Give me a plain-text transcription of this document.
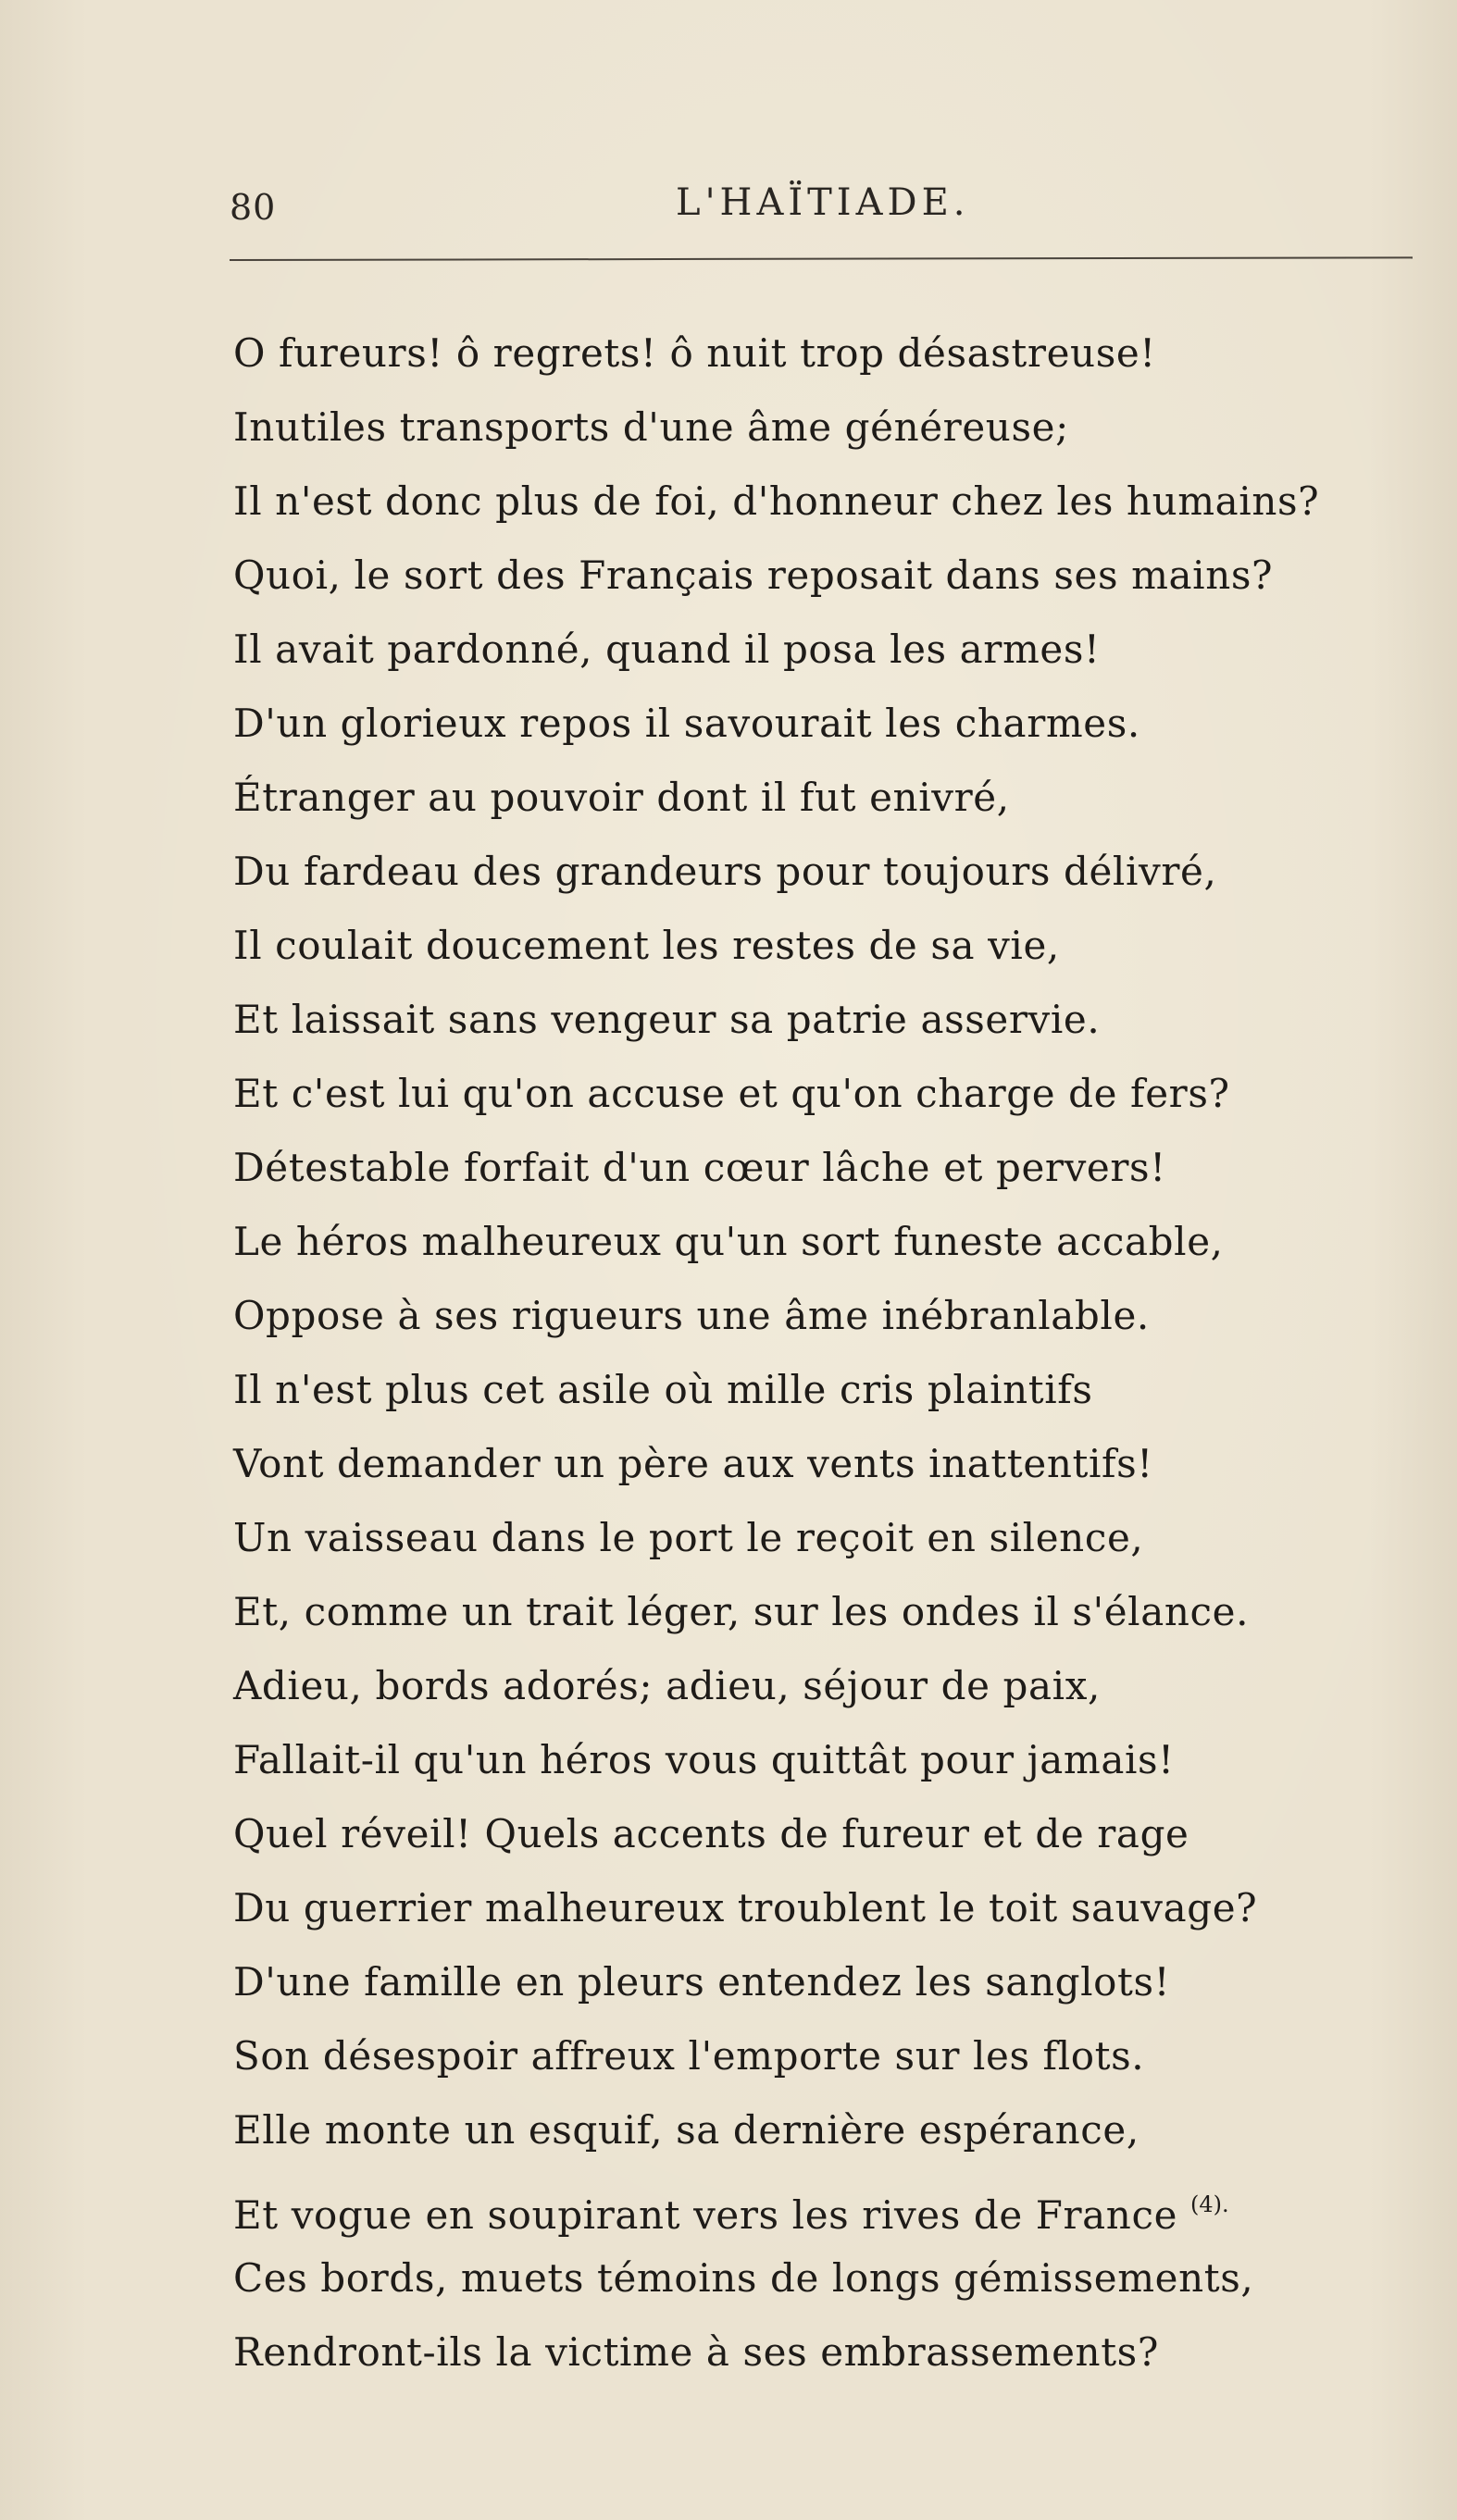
80	L'HAÏTIADE.
O fureurs! ô regrets! ô nuit trop désastreuse!
Inutiles transports d'une âme généreuse;
Il n'est donc plus de foi, d'honneur chez les humains?
Quoi, le sort des Français reposait dans ses mains?
Il avait pardonné, quand il posa les armes!
D'un glorieux repos il savourait les charmes.
Étranger au pouvoir dont il fut enivré,
Du fardeau des grandeurs pour toujours délivré,
Il coulait doucement les restes de sa vie,
Et laissait sans vengeur sa patrie asservie.
Et c'est lui qu'on accuse et qu'on charge de fers?
Détestable forfait d'un cœur lâche et pervers!
Le héros malheureux qu'un sort funeste accable,
Oppose à ses rigueurs une âme inébranlable.
Il n'est plus cet asile où mille cris plaintifs
Vont demander un père aux vents inattentifs!
Un vaisseau dans le port le reçoit en silence,
Et, comme un trait léger, sur les ondes il s'élance.
Adieu, bords adorés; adieu, séjour de paix,
Fallait-il qu'un héros vous quittât pour jamais!
Quel réveil! Quels accents de fureur et de rage
Du guerrier malheureux troublent le toit sauvage?
D'une famille en pleurs entendez les sanglots!
Son désespoir affreux l'emporte sur les flots.
Elle monte un esquif, sa dernière espérance,
Et vogue en soupirant vers les rives de France $^{(4).}$
Ces bords, muets témoins de longs gémissements,
Rendront-ils la victime à ses embrassements?
